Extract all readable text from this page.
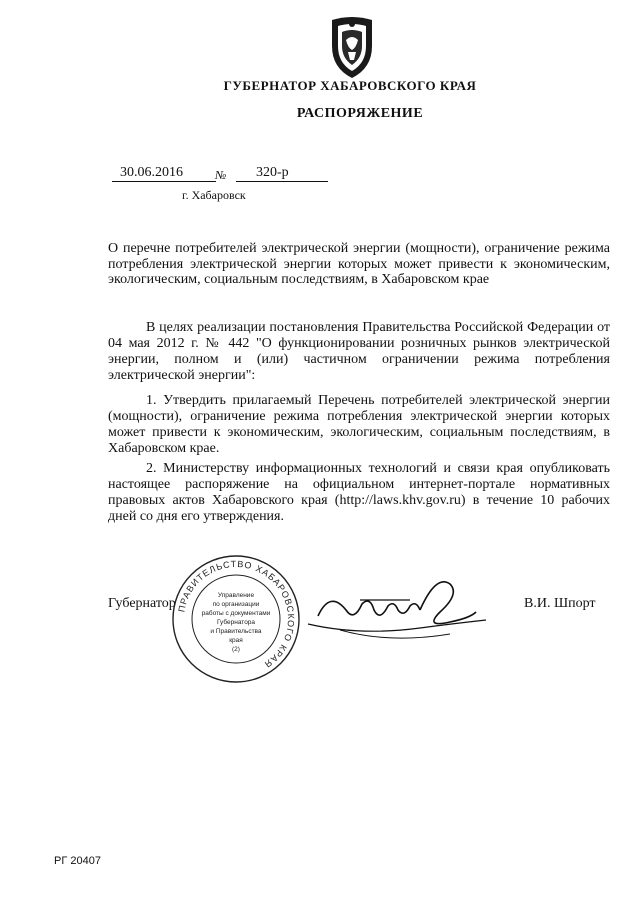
ГУБЕРНАТОР ХАБАРОВСКОГО КРАЯ
РАСПОРЯЖЕНИЕ
30.06.2016	№	320-р
г. Хабаровск
О перечне потребителей электрической энергии (мощности), ограничение режима потребления электрической энергии которых может привести к экономическим, экологическим, социальным последствиям, в Хабаровском крае

В целях реализации постановления Правительства Российской Федерации от 04 мая 2012 г. № 442 "О функционировании розничных рынков электрической энергии, полном и (или) частичном ограничении режима потребления электрической энергии":

1. Утвердить прилагаемый Перечень потребителей электрической энергии (мощности), ограничение режима потребления электрической энергии которых может привести к экономическим, экологическим, социальным последствиям, в Хабаровском крае.

2. Министерству информационных технологий и связи края опубликовать настоящее распоряжение на официальном интернет-портале нормативных правовых актов Хабаровского края (http://laws.khv.gov.ru) в течение 10 рабочих дней со дня его утверждения.

Губернатор ПРАВИТЕЛЬСТВО ХАБАРОВСКОГО КРАЯ
Управление
по организации
работы с документами
Губернатора
и Правительства
края
(2)
В.И. Шпорт
РГ 20407
